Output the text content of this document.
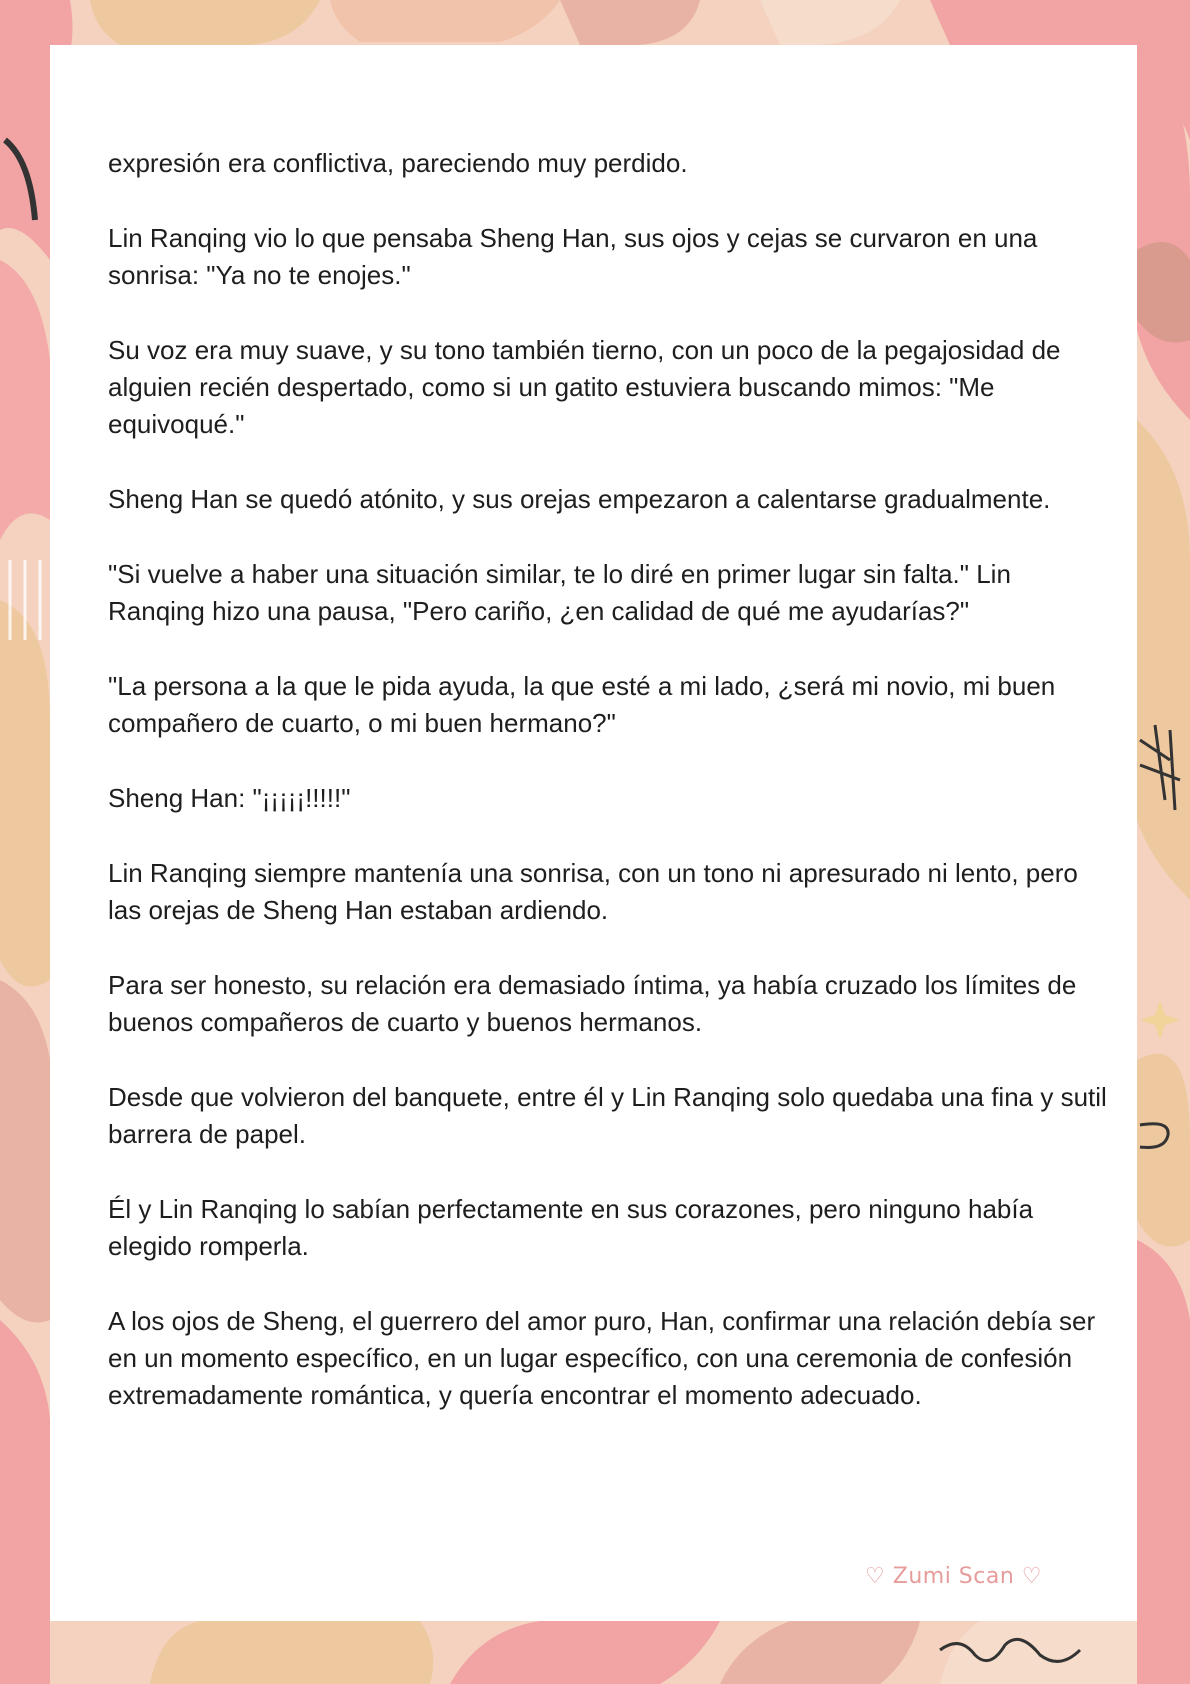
expresión era conflictiva, pareciendo muy perdido.

Lin Ranqing vio lo que pensaba Sheng Han, sus ojos y cejas se curvaron en una sonrisa: "Ya no te enojes."

Su voz era muy suave, y su tono también tierno, con un poco de la pegajosidad de alguien recién despertado, como si un gatito estuviera buscando mimos: "Me equivoqué."

Sheng Han se quedó atónito, y sus orejas empezaron a calentarse gradualmente.

"Si vuelve a haber una situación similar, te lo diré en primer lugar sin falta." Lin Ranqing hizo una pausa, "Pero cariño, ¿en calidad de qué me ayudarías?"

"La persona a la que le pida ayuda, la que esté a mi lado, ¿será mi novio, mi buen compañero de cuarto, o mi buen hermano?"

Sheng Han: "¡¡¡¡¡!!!!!"

Lin Ranqing siempre mantenía una sonrisa, con un tono ni apresurado ni lento, pero las orejas de Sheng Han estaban ardiendo.

Para ser honesto, su relación era demasiado íntima, ya había cruzado los límites de buenos compañeros de cuarto y buenos hermanos.

Desde que volvieron del banquete, entre él y Lin Ranqing solo quedaba una fina y sutil barrera de papel.

Él y Lin Ranqing lo sabían perfectamente en sus corazones, pero ninguno había elegido romperla.

A los ojos de Sheng, el guerrero del amor puro, Han, confirmar una relación debía ser en un momento específico, en un lugar específico, con una ceremonia de confesión extremadamente romántica, y quería encontrar el momento adecuado.

♡ Zumi Scan ♡
